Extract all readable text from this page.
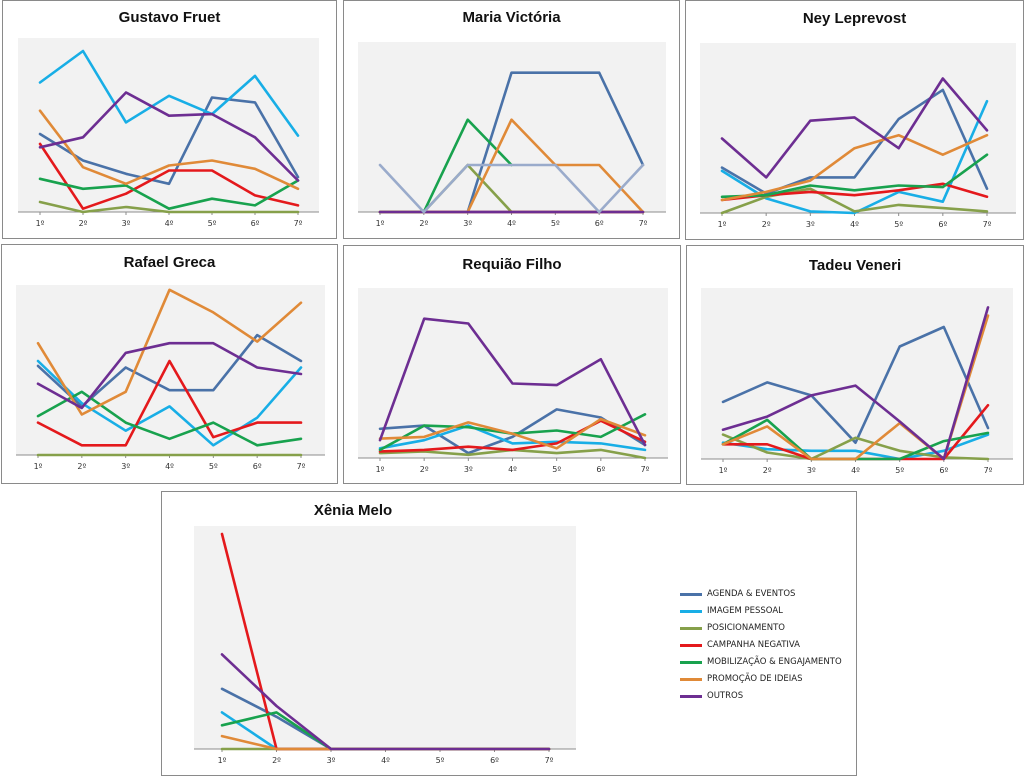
Gustavo Fruet
1º	2º	3º	4º	5º	6º	7º
Maria Victória
1º	2º	3º	4º	5º	6º	7º
Ney Leprevost
1º	2º	3º	4º	5º	6º	7º
Rafael Greca
1º	2º	3º	4º	5º	6º	7º
Requião Filho
1º	2º	3º	4º	5º	6º	7º
Tadeu Veneri
1º	2º	3º	4º	5º	6º	7º
Xênia Melo
1º	2º	3º	4º	5º	6º	7º
AGENDA & EVENTOS
IMAGEM PESSOAL
POSICIONAMENTO
CAMPANHA NEGATIVA
MOBILIZAÇÃO & ENGAJAMENTO
PROMOÇÃO DE IDEIAS
OUTROS
